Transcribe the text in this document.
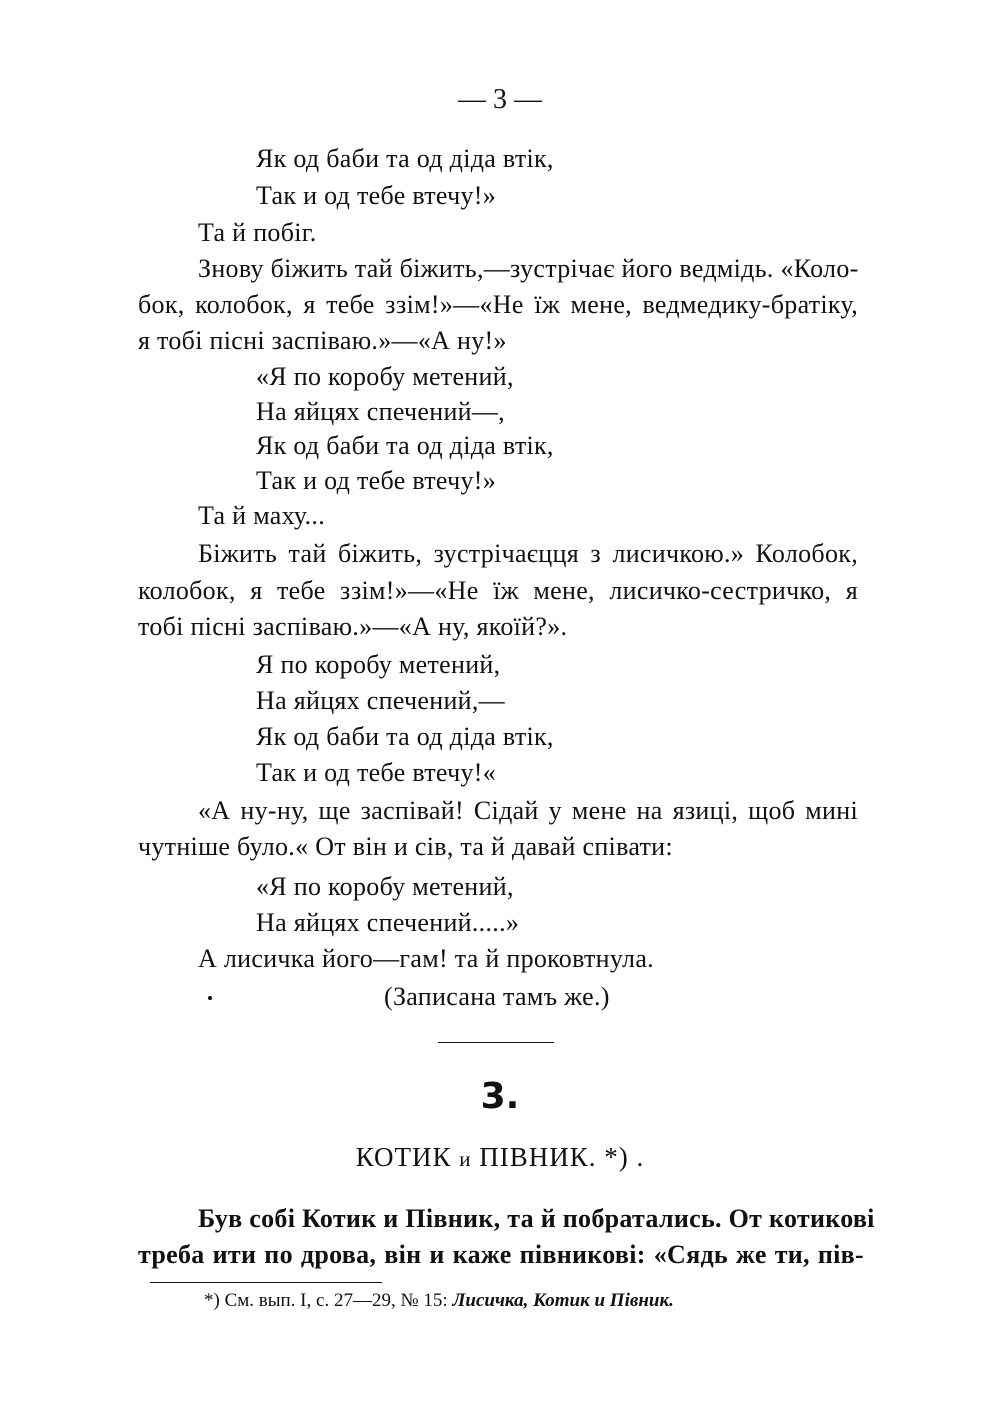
— 3 —
Як од баби та од діда втік,
Так и од тебе втечу!»
Та й побіг.
Знову біжить тай біжить,—зустрічає його ведмідь. «Коло-
бок, колобок, я тебе ззім!»—«Не їж мене, ведмедику-братіку,
я тобі пісні заспіваю.»—«А ну!»
«Я по коробу метений,
На яйцях спечений—,
Як од баби та од діда втік,
Так и од тебе втечу!»
Та й маху...
Біжить тай біжить, зустрічаєцця з лисичкою.» Колобок,
колобок, я тебе ззім!»—«Не їж мене, лисичко-сестричко, я
тобі пісні заспіваю.»—«А ну, якоїй?».
Я по коробу метений,
На яйцях спечений,—
Як од баби та од діда втік,
Так и од тебе втечу!«
«А ну-ну, ще заспівай! Сідай у мене на язиці, щоб мині
чутніше було.« От він и сів, та й давай співати:
«Я по коробу метений,
На яйцях спечений.....»
А лисичка його—гам! та й проковтнула.
(Записана тамъ же.)
3.
КОТИК и ПІВНИК. *) .
Був собі Котик и Півник, та й побратались. От котикові
треба ити по дрова, він и каже півникові: «Сядь же ти, пів-
*) См. вып. I, с. 27—29, № 15: Лисичка, Котик и Півник.
